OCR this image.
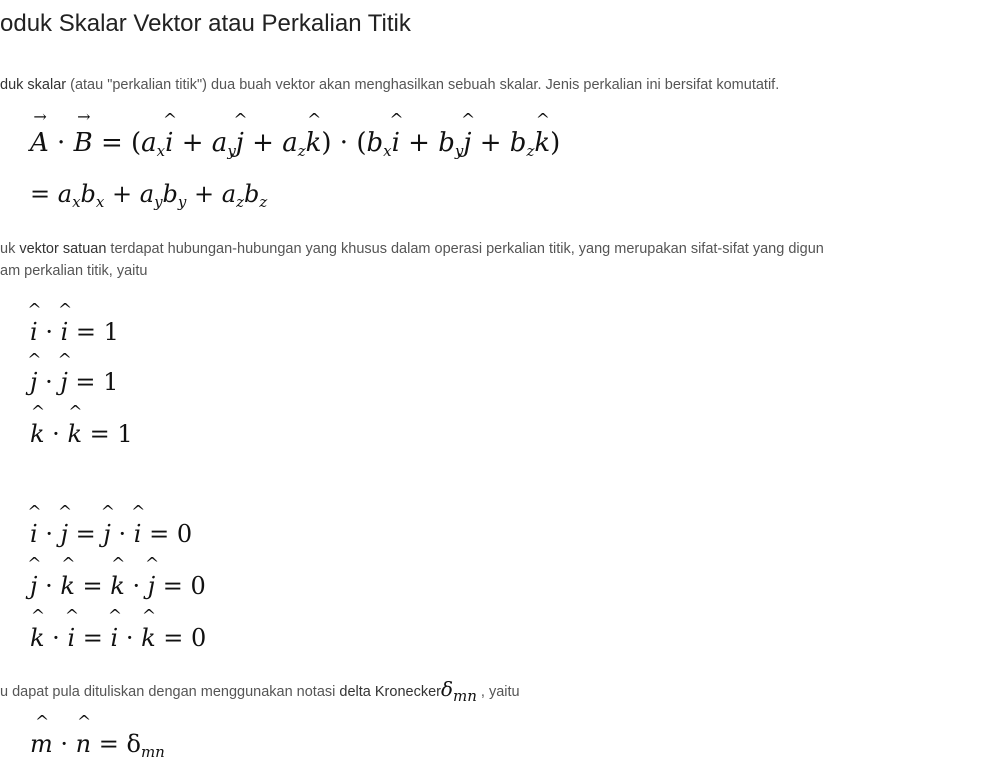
oduk Skalar Vektor atau Perkalian Titik
duk skalar (atau "perkalian titik") dua buah vektor akan menghasilkan sebuah skalar. Jenis perkalian ini bersifat komutatif.
A → · B → = ($a_xi$ ^ + $a_yj$ ^ + $a_zk$ ^) · ($b_xi$ ^ + $b_yj$ ^ + $b_zk$ ^)
= $a_xb_x + a_yb_y + a_zb_z$
uk vektor satuan terdapat hubungan-hubungan yang khusus dalam operasi perkalian titik, yang merupakan sifat-sifat yang digun
am perkalian titik, yaitu
i ^ · i ^ = 1
j ^ · j ^ = 1
k ^ · k ^ = 1
i ^ · j ^ = j ^ · i ^ = 0
j ^ · k ^ = k ^ · j ^ = 0
k ^ · i ^ = i ^ · k ^ = 0
u dapat pula dituliskan dengan menggunakan notasi delta Kroneckerδ$_{mn}$ , yaitu
m ^ · n ^ = $\delta_{mn}$
